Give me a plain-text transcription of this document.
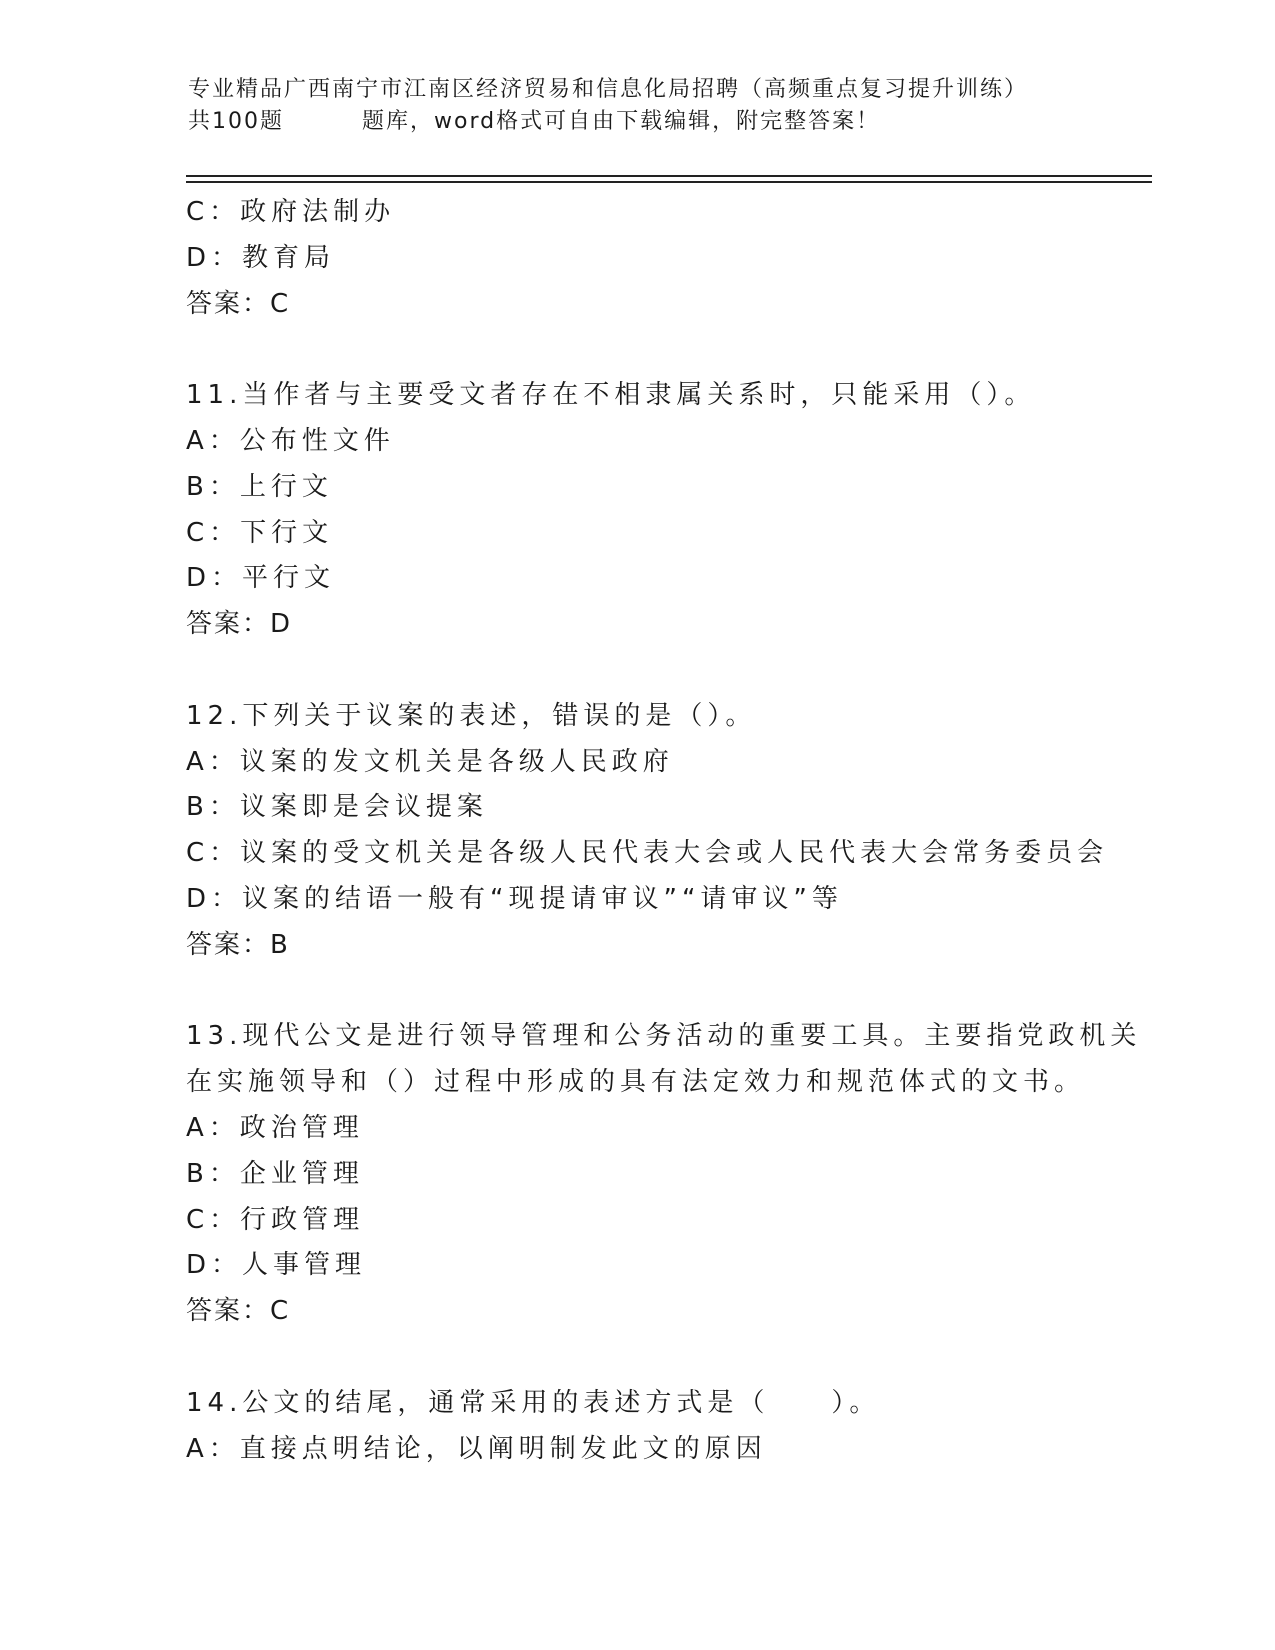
专业精品广西南宁市江南区经济贸易和信息化局招聘（高频重点复习提升训练）
共100题	题库，word格式可自由下载编辑，附完整答案！
C：政府法制办
D：教育局
答案：C
11.当作者与主要受文者存在不相隶属关系时，只能采用（）。
A：公布性文件
B：上行文
C：下行文
D：平行文
答案：D
12.下列关于议案的表述，错误的是（）。
A：议案的发文机关是各级人民政府
B：议案即是会议提案
C：议案的受文机关是各级人民代表大会或人民代表大会常务委员会
D：议案的结语一般有“现提请审议”“请审议”等
答案：B
13.现代公文是进行领导管理和公务活动的重要工具。主要指党政机关
在实施领导和（）过程中形成的具有法定效力和规范体式的文书。
A：政治管理
B：企业管理
C：行政管理
D：人事管理
答案：C
14.公文的结尾，通常采用的表述方式是（　　）。
A：直接点明结论，以阐明制发此文的原因
